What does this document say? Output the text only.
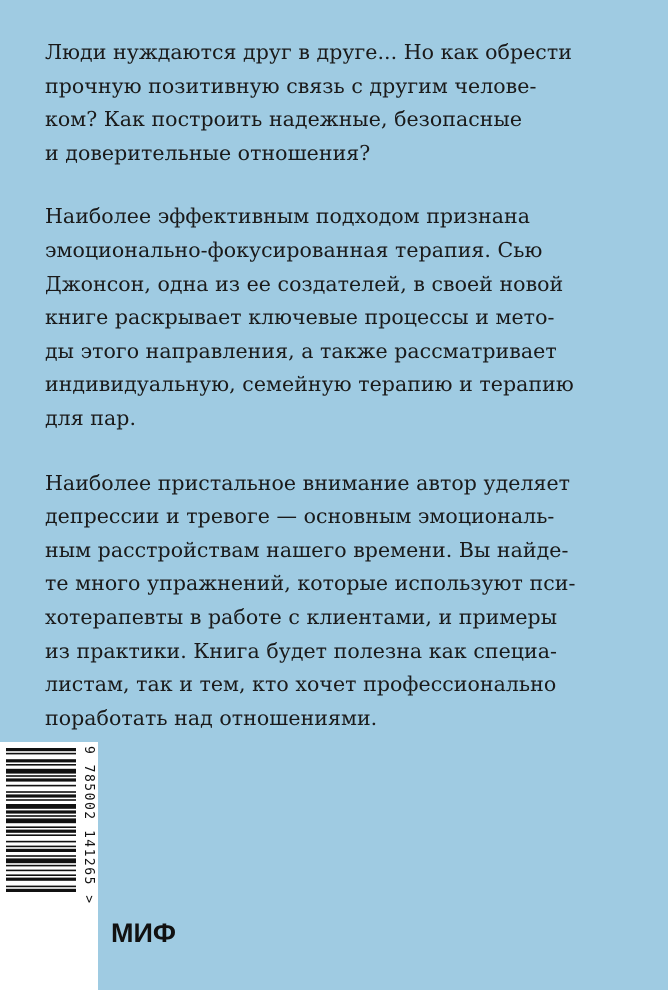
Люди нуждаются друг в друге... Но как обрести
прочную позитивную связь с другим челове-
ком? Как построить надежные, безопасные
и доверительные отношения?

Наиболее эффективным подходом признана
эмоционально-фокусированная терапия. Сью
Джонсон, одна из ее создателей, в своей новой
книге раскрывает ключевые процессы и мето-
ды этого направления, а также рассматривает
индивидуальную, семейную терапию и терапию
для пар.

Наиболее пристальное внимание автор уделяет
депрессии и тревоге — основным эмоциональ-
ным расстройствам нашего времени. Вы найде-
те много упражнений, которые используют пси-
хотерапевты в работе с клиентами, и примеры
из практики. Книга будет полезна как специа-
листам, так и тем, кто хочет профессионально
поработать над отношениями.

9 785002 141265 >
МИФ
